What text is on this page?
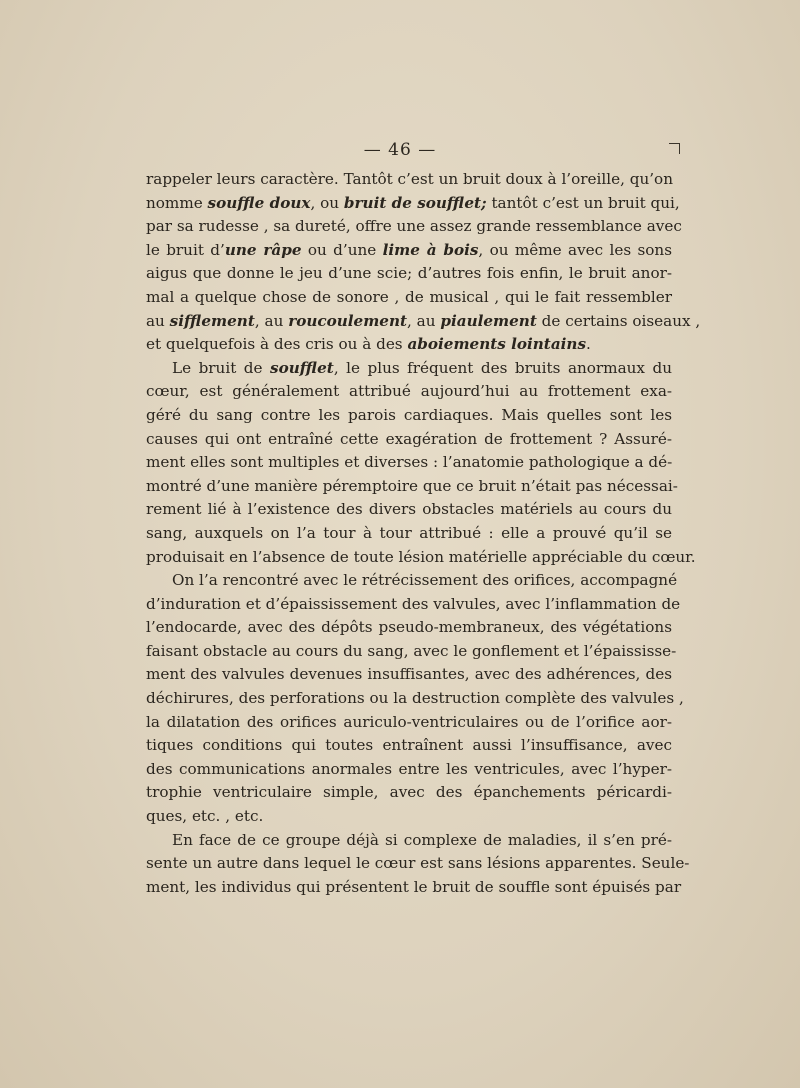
— 46 —
rappeler leurs caractère. Tantôt c’est un bruit doux à l’oreille, qu’on
nomme souffle doux, ou bruit de soufflet; tantôt c’est un bruit qui,
par sa rudesse , sa dureté, offre une assez grande ressemblance avec
le bruit d’une râpe ou d’une lime à bois, ou même avec les sons
aigus que donne le jeu d’une scie; d’autres fois enfin, le bruit anor-
mal a quelque chose de sonore , de musical , qui le fait ressembler
au sifflement, au roucoulement, au piaulement de certains oiseaux ,
et quelquefois à des cris ou à des aboiements lointains.
Le bruit de soufflet, le plus fréquent des bruits anormaux du
cœur, est généralement attribué aujourd’hui au frottement exa-
géré du sang contre les parois cardiaques. Mais quelles sont les
causes qui ont entraîné cette exagération de frottement ? Assuré-
ment elles sont multiples et diverses : l’anatomie pathologique a dé-
montré d’une manière péremptoire que ce bruit n’était pas nécessai-
rement lié à l’existence des divers obstacles matériels au cours du
sang, auxquels on l’a tour à tour attribué : elle a prouvé qu’il se
produisait en l’absence de toute lésion matérielle appréciable du cœur.
On l’a rencontré avec le rétrécissement des orifices, accompagné
d’induration et d’épaississement des valvules, avec l’inflammation de
l’endocarde, avec des dépôts pseudo-membraneux, des végétations
faisant obstacle au cours du sang, avec le gonflement et l’épaississe-
ment des valvules devenues insuffisantes, avec des adhérences, des
déchirures, des perforations ou la destruction complète des valvules ,
la dilatation des orifices auriculo-ventriculaires ou de l’orifice aor-
tiques conditions qui toutes entraînent aussi l’insuffisance, avec
des communications anormales entre les ventricules, avec l’hyper-
trophie ventriculaire simple, avec des épanchements péricardi-
ques, etc. , etc.
En face de ce groupe déjà si complexe de maladies, il s’en pré-
sente un autre dans lequel le cœur est sans lésions apparentes. Seule-
ment, les individus qui présentent le bruit de souffle sont épuisés par
